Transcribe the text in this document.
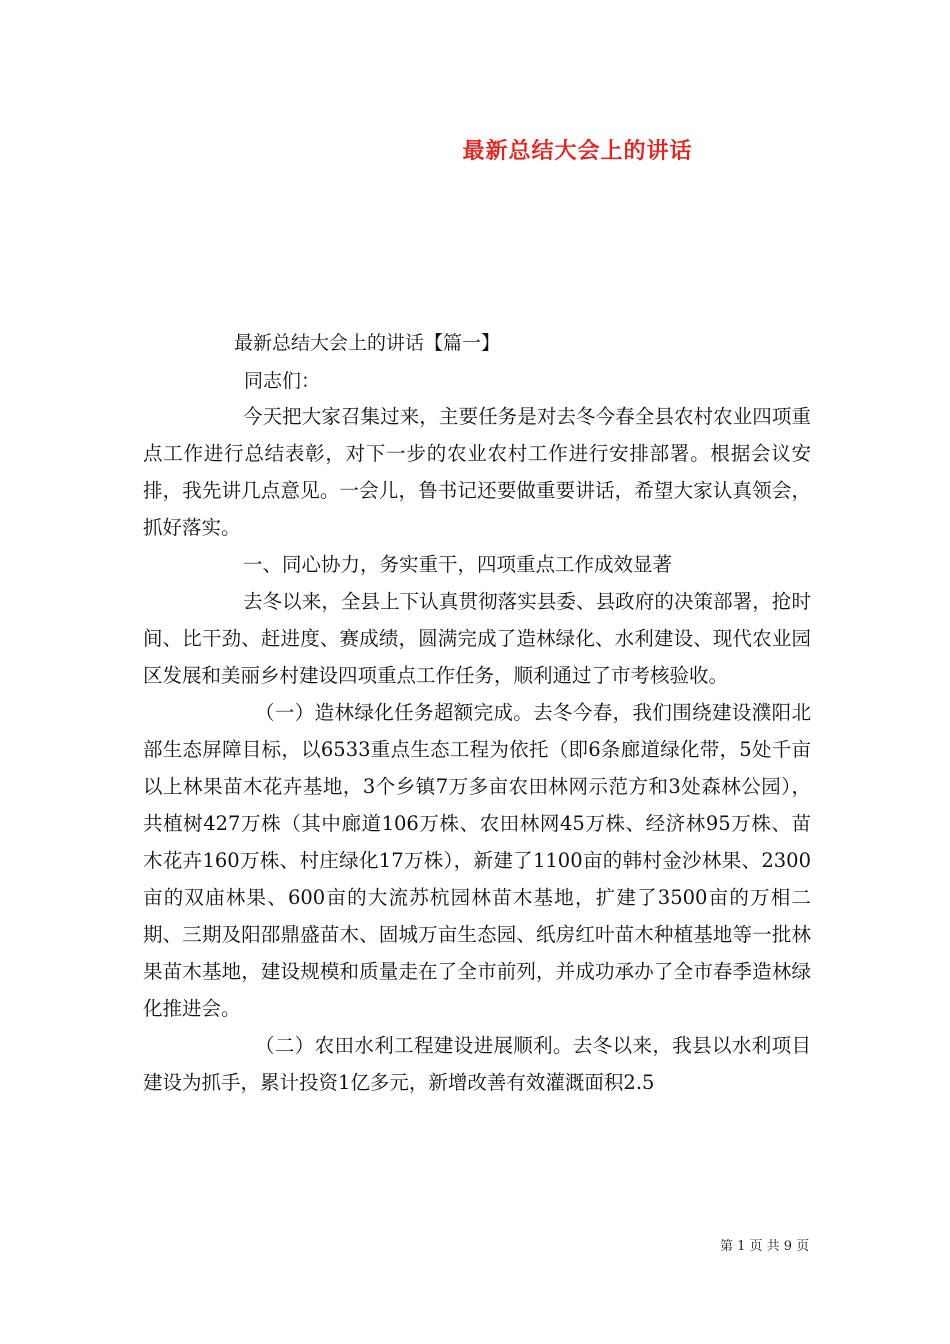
最新总结大会上的讲话
最新总结大会上的讲话【篇一】
同志们：

今天把大家召集过来，主要任务是对去冬今春全县农村农业四项重点工作进行总结表彰，对下一步的农业农村工作进行安排部署。根据会议安排，我先讲几点意见。一会儿，鲁书记还要做重要讲话，希望大家认真领会，抓好落实。

一、同心协力，务实重干，四项重点工作成效显著

去冬以来，全县上下认真贯彻落实县委、县政府的决策部署，抢时间、比干劲、赶进度、赛成绩，圆满完成了造林绿化、水利建设、现代农业园区发展和美丽乡村建设四项重点工作任务，顺利通过了市考核验收。

（一）造林绿化任务超额完成。去冬今春，我们围绕建设濮阳北部生态屏障目标，以6533重点生态工程为依托（即6条廊道绿化带，5处千亩以上林果苗木花卉基地，3个乡镇7万多亩农田林网示范方和3处森林公园），共植树427万株（其中廊道106万株、农田林网45万株、经济林95万株、苗木花卉160万株、村庄绿化17万株），新建了1100亩的韩村金沙林果、2300亩的双庙林果、600亩的大流苏杭园林苗木基地，扩建了3500亩的万相二期、三期及阳邵鼎盛苗木、固城万亩生态园、纸房红叶苗木种植基地等一批林果苗木基地，建设规模和质量走在了全市前列，并成功承办了全市春季造林绿化推进会。

（二）农田水利工程建设进展顺利。去冬以来，我县以水利项目建设为抓手，累计投资1亿多元，新增改善有效灌溉面积2.5

第 1 页 共 9 页
